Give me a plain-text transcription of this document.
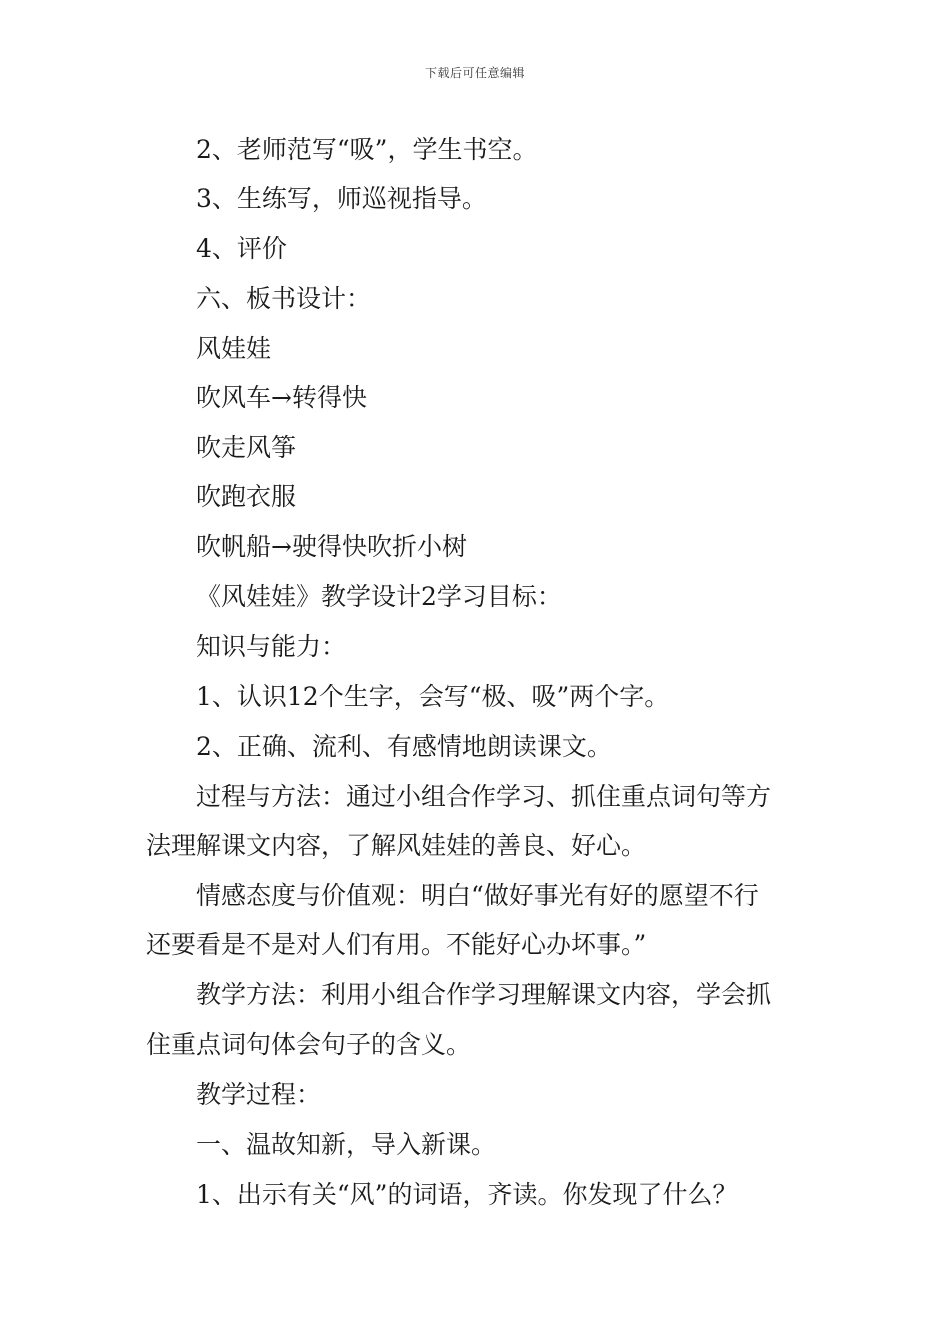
下载后可任意编辑
2、老师范写“吸”，学生书空。
3、生练写，师巡视指导。
4、评价
六、板书设计：
风娃娃
吹风车→转得快
吹走风筝
吹跑衣服
吹帆船→驶得快吹折小树
《风娃娃》教学设计2学习目标：
知识与能力：
1、认识12个生字，会写“极、吸”两个字。
2、正确、流利、有感情地朗读课文。
过程与方法：通过小组合作学习、抓住重点词句等方
法理解课文内容，了解风娃娃的善良、好心。
情感态度与价值观：明白“做好事光有好的愿望不行
还要看是不是对人们有用。不能好心办坏事。”
教学方法：利用小组合作学习理解课文内容，学会抓
住重点词句体会句子的含义。
教学过程：
一、温故知新，导入新课。
1、出示有关“风”的词语，齐读。你发现了什么？
